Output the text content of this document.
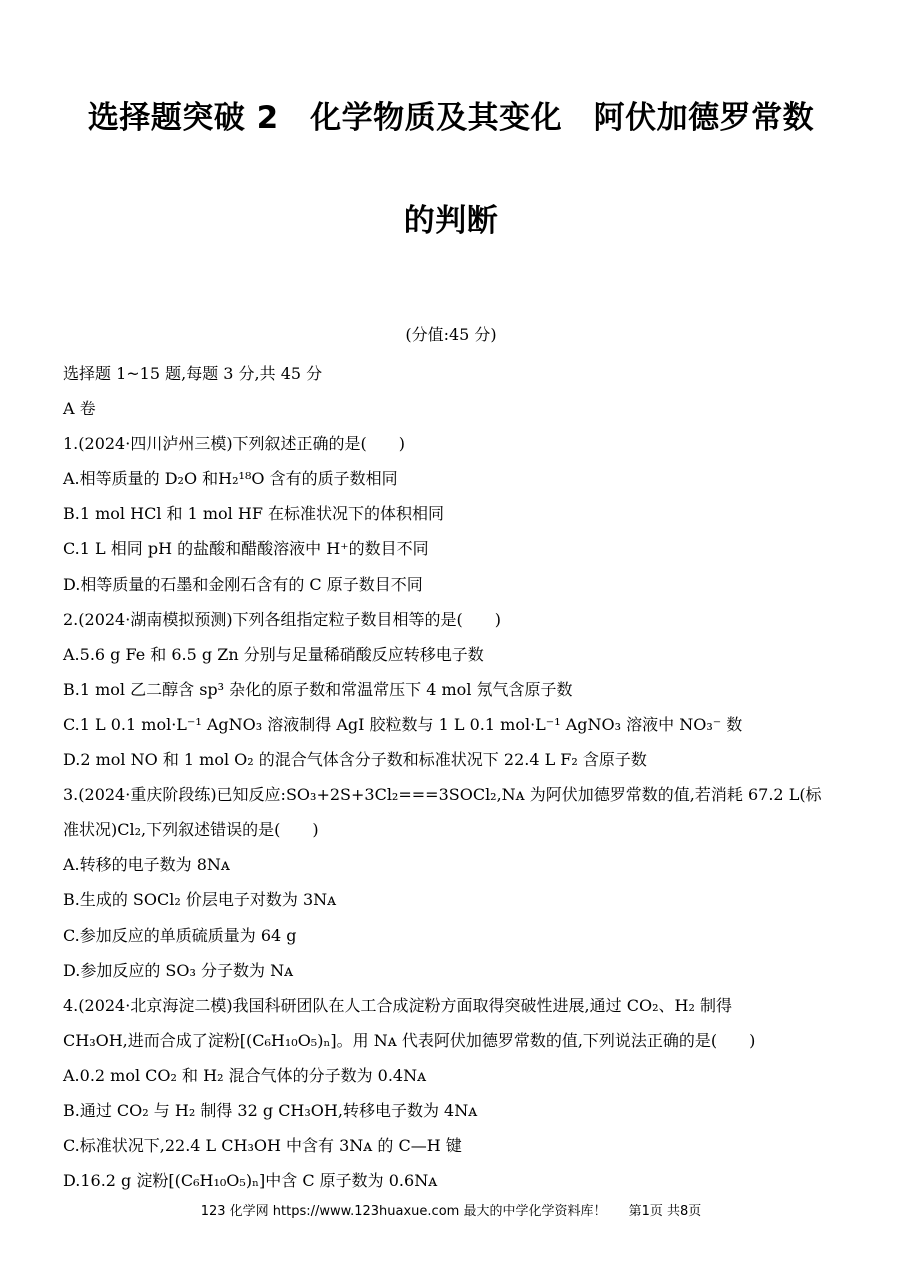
选择题突破 2　化学物质及其变化　阿伏加德罗常数
的判断
(分值:45 分)
选择题 1~15 题,每题 3 分,共 45 分
A 卷
1.(2024·四川泸州三模)下列叙述正确的是(　　)
A.相等质量的 D₂O 和H₂¹⁸O 含有的质子数相同
B.1 mol HCl 和 1 mol HF 在标准状况下的体积相同
C.1 L 相同 pH 的盐酸和醋酸溶液中 H⁺的数目不同
D.相等质量的石墨和金刚石含有的 C 原子数目不同
2.(2024·湖南模拟预测)下列各组指定粒子数目相等的是(　　)
A.5.6 g Fe 和 6.5 g Zn 分别与足量稀硝酸反应转移电子数
B.1 mol 乙二醇含 sp³ 杂化的原子数和常温常压下 4 mol 氖气含原子数
C.1 L 0.1 mol·L⁻¹ AgNO₃ 溶液制得 AgI 胶粒数与 1 L 0.1 mol·L⁻¹ AgNO₃ 溶液中 NO₃⁻ 数
D.2 mol NO 和 1 mol O₂ 的混合气体含分子数和标准状况下 22.4 L F₂ 含原子数
3.(2024·重庆阶段练)已知反应:SO₃+2S+3Cl₂===3SOCl₂,Nᴀ 为阿伏加德罗常数的值,若消耗 67.2 L(标
准状况)Cl₂,下列叙述错误的是(　　)
A.转移的电子数为 8Nᴀ
B.生成的 SOCl₂ 价层电子对数为 3Nᴀ
C.参加反应的单质硫质量为 64 g
D.参加反应的 SO₃ 分子数为 Nᴀ
4.(2024·北京海淀二模)我国科研团队在人工合成淀粉方面取得突破性进展,通过 CO₂、H₂ 制得
CH₃OH,进而合成了淀粉[(C₆H₁₀O₅)ₙ]。用 Nᴀ 代表阿伏加德罗常数的值,下列说法正确的是(　　)
A.0.2 mol CO₂ 和 H₂ 混合气体的分子数为 0.4Nᴀ
B.通过 CO₂ 与 H₂ 制得 32 g CH₃OH,转移电子数为 4Nᴀ
C.标准状况下,22.4 L CH₃OH 中含有 3Nᴀ 的 C—H 键
D.16.2 g 淀粉[(C₆H₁₀O₅)ₙ]中含 C 原子数为 0.6Nᴀ
123 化学网 https://www.123huaxue.com 最大的中学化学资料库！ 第1页 共8页
